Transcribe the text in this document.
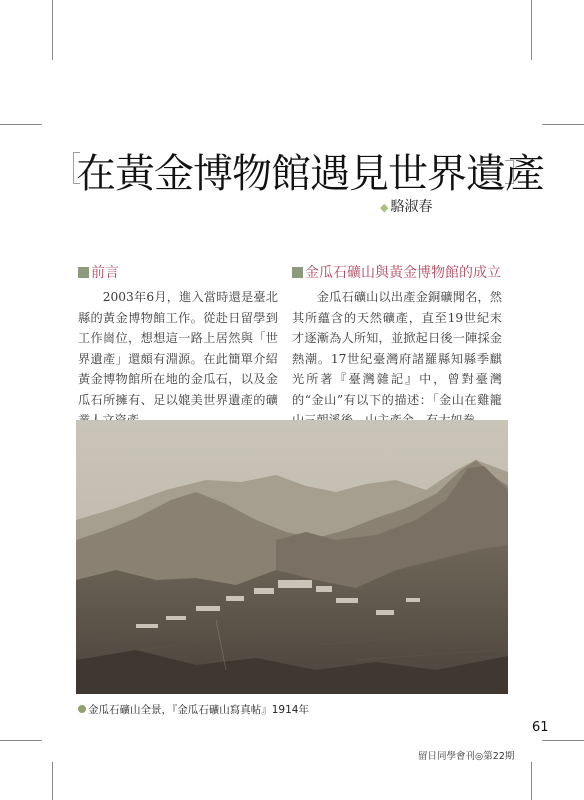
在黃金博物館遇見世界遺產
◆ 駱淑春
前言

　　2003年6月，進入當時還是臺北縣的黃金博物館工作。從赴日留學到工作崗位，想想這一路上居然與「世界遺產」還頗有淵源。在此簡單介紹黃金博物館所在地的金瓜石，以及金瓜石所擁有、足以媲美世界遺產的礦

金瓜石礦山與黃金博物館的成立

　　金瓜石礦山以出產金銅礦聞名，然其所蘊含的天然礦產，直至19世紀末才逐漸為人所知，並掀起日後一陣採金熱潮。17世紀臺灣府諸羅縣知縣季麒光所著『臺灣雜記』中，曾對臺灣的“金山”有以下的描述：「金山在雞籠

金瓜石礦山全景，『金瓜石礦山寫真帖』1914年
61
留日同學會刊◎第22期
